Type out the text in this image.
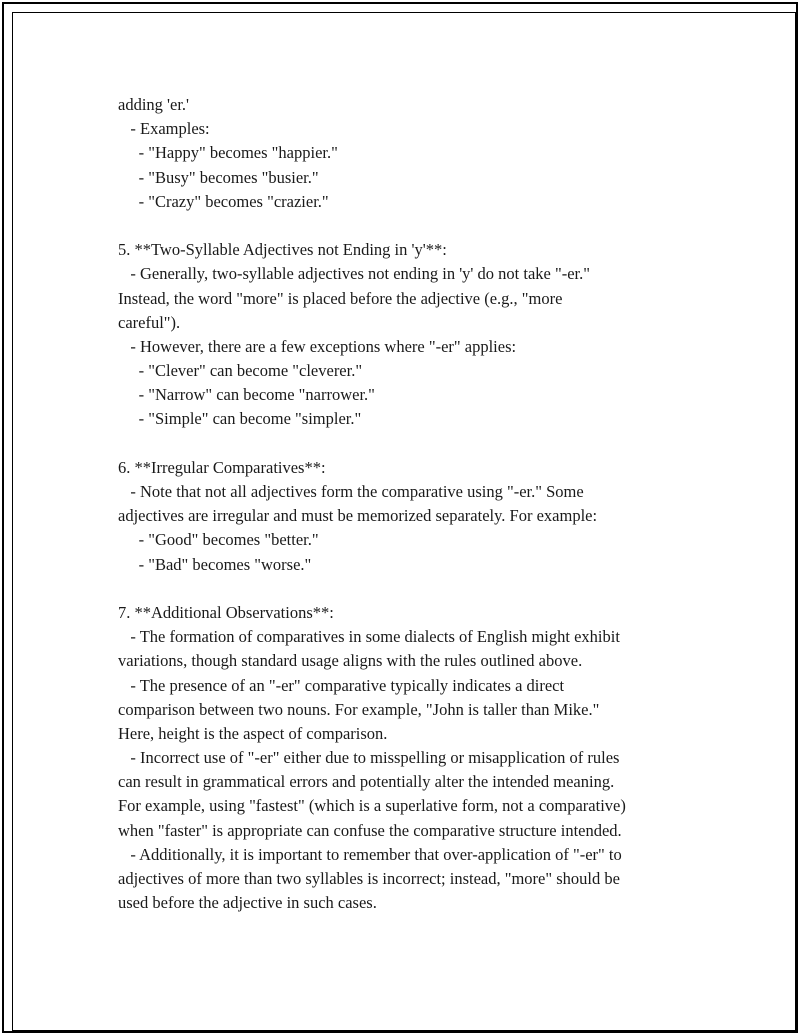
adding 'er.'
- Examples:
- "Happy" becomes "happier."
- "Busy" becomes "busier."
- "Crazy" becomes "crazier."
5. **Two-Syllable Adjectives not Ending in 'y'**:
- Generally, two-syllable adjectives not ending in 'y' do not take "-er."
Instead, the word "more" is placed before the adjective (e.g., "more
careful").
- However, there are a few exceptions where "-er" applies:
- "Clever" can become "cleverer."
- "Narrow" can become "narrower."
- "Simple" can become "simpler."
6. **Irregular Comparatives**:
- Note that not all adjectives form the comparative using "-er." Some
adjectives are irregular and must be memorized separately. For example:
- "Good" becomes "better."
- "Bad" becomes "worse."
7. **Additional Observations**:
- The formation of comparatives in some dialects of English might exhibit
variations, though standard usage aligns with the rules outlined above.
- The presence of an "-er" comparative typically indicates a direct
comparison between two nouns. For example, "John is taller than Mike."
Here, height is the aspect of comparison.
- Incorrect use of "-er" either due to misspelling or misapplication of rules
can result in grammatical errors and potentially alter the intended meaning.
For example, using "fastest" (which is a superlative form, not a comparative)
when "faster" is appropriate can confuse the comparative structure intended.
- Additionally, it is important to remember that over-application of "-er" to
adjectives of more than two syllables is incorrect; instead, "more" should be
used before the adjective in such cases.
